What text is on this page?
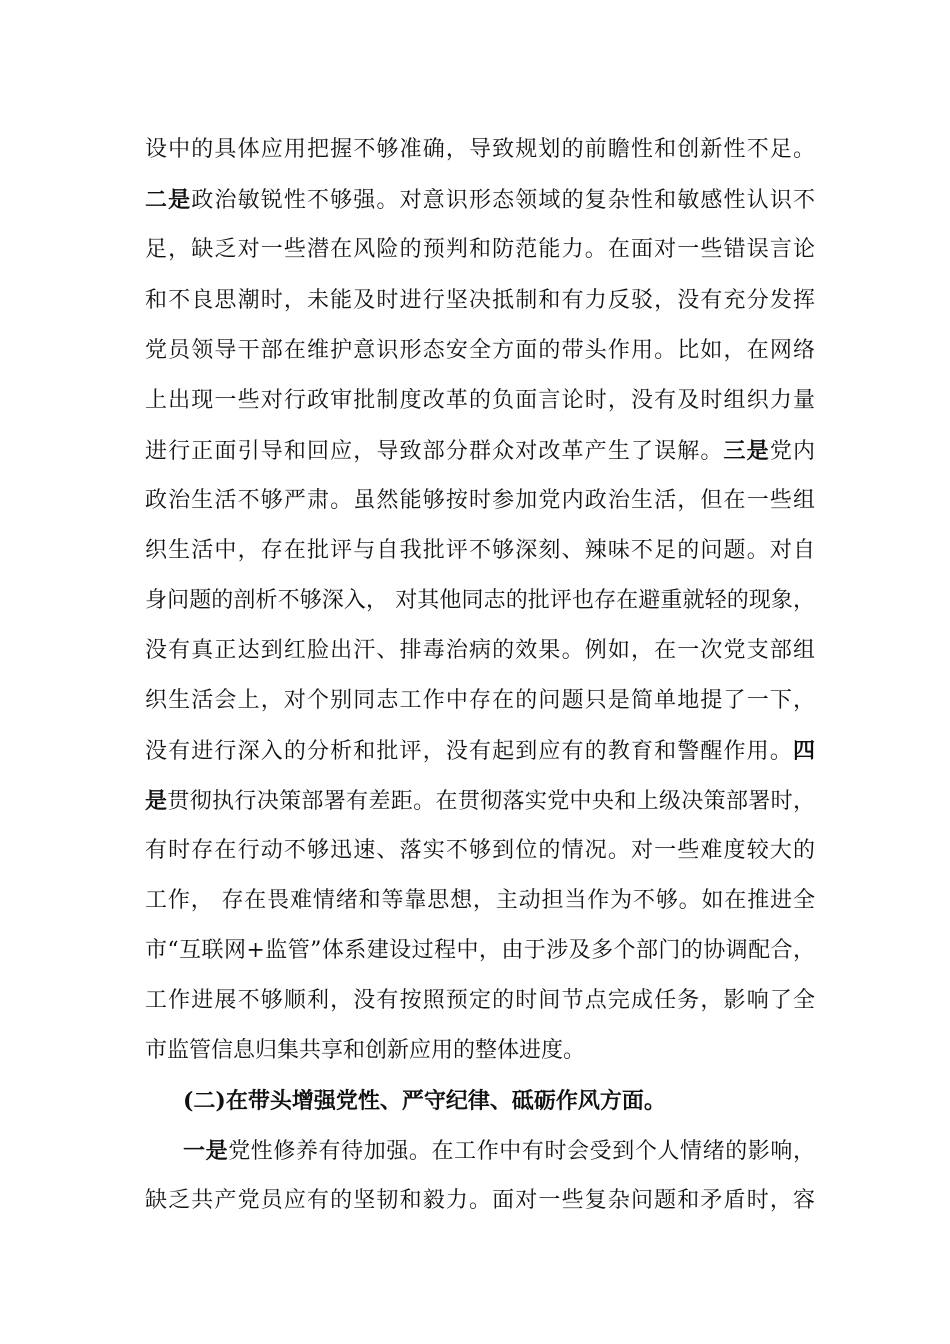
设中的具体应用把握不够准确，导致规划的前瞻性和创新性不足。
二是政治敏锐性不够强。对意识形态领域的复杂性和敏感性认识不
足，缺乏对一些潜在风险的预判和防范能力。在面对一些错误言论
和不良思潮时，未能及时进行坚决抵制和有力反驳，没有充分发挥
党员领导干部在维护意识形态安全方面的带头作用。比如，在网络
上出现一些对行政审批制度改革的负面言论时，没有及时组织力量
进行正面引导和回应，导致部分群众对改革产生了误解。三是党内
政治生活不够严肃。虽然能够按时参加党内政治生活，但在一些组
织生活中，存在批评与自我批评不够深刻、辣味不足的问题。对自
身问题的剖析不够深入， 对其他同志的批评也存在避重就轻的现象，
没有真正达到红脸出汗、排毒治病的效果。例如，在一次党支部组
织生活会上，对个别同志工作中存在的问题只是简单地提了一下，
没有进行深入的分析和批评，没有起到应有的教育和警醒作用。四
是贯彻执行决策部署有差距。在贯彻落实党中央和上级决策部署时，
有时存在行动不够迅速、落实不够到位的情况。对一些难度较大的
工作， 存在畏难情绪和等靠思想，主动担当作为不够。如在推进全
市“互联网+监管”体系建设过程中，由于涉及多个部门的协调配合，
工作进展不够顺利，没有按照预定的时间节点完成任务，影响了全
市监管信息归集共享和创新应用的整体进度。
(二)在带头增强党性、严守纪律、砥砺作风方面。
一是党性修养有待加强。在工作中有时会受到个人情绪的影响，
缺乏共产党员应有的坚韧和毅力。面对一些复杂问题和矛盾时，容
